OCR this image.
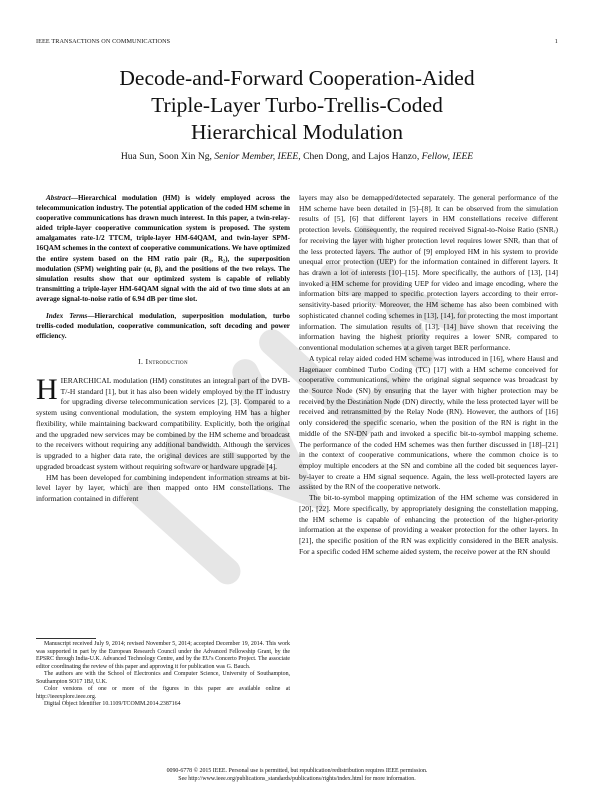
IEEE TRANSACTIONS ON COMMUNICATIONS	1
Decode-and-Forward Cooperation-Aided
Triple-Layer Turbo-Trellis-Coded
Hierarchical Modulation
Hua Sun, Soon Xin Ng, Senior Member, IEEE, Chen Dong, and Lajos Hanzo, Fellow, IEEE

Abstract—Hierarchical modulation (HM) is widely employed across the telecommunication industry. The potential application of the coded HM scheme in cooperative communications has drawn much interest. In this paper, a twin-relay-aided triple-layer cooperative communication system is proposed. The system amalgamates rate-1/2 TTCM, triple-layer HM-64QAM, and twin-layer SPM-16QAM schemes in the context of cooperative communications. We have optimized the entire system based on the HM ratio pair (R₁, R₂), the superposition modulation (SPM) weighting pair (α, β), and the positions of the two relays. The simulation results show that our optimized system is capable of reliably transmitting a triple-layer HM-64QAM signal with the aid of two time slots at an average signal-to-noise ratio of 6.94 dB per time slot.

Index Terms—Hierarchical modulation, superposition modulation, turbo trellis-coded modulation, cooperative communication, soft decoding and power efficiency.

I. Introduction

HIERARCHICAL modulation (HM) constitutes an integral part of the DVB-T/-H standard [1], but it has also been widely employed by the IT industry for upgrading diverse telecommunication services [2], [3]. Compared to a system using conventional modulation, the system employing HM has a higher flexibility, while maintaining backward compatibility. Explicitly, both the original and the upgraded new services may be combined by the HM scheme and broadcast to the receivers without requiring any additional bandwidth. Although the services is upgraded to a higher data rate, the original devices are still supported by the upgraded broadcast system without requiring software or hardware upgrade [4].

HM has been developed for combining independent information streams at bit-level layer by layer, which are then mapped onto HM constellations. The information contained in different

layers may also be demapped/detected separately. The general performance of the HM scheme have been detailed in [5]–[8]. It can be observed from the simulation results of [5], [6] that different layers in HM constellations receive different protection levels. Consequently, the required received Signal-to-Noise Ratio (SNRᵣ) for receiving the layer with higher protection level requires lower SNRᵣ than that of the less protected layers. The author of [9] employed HM in his system to provide unequal error protection (UEP) for the information contained in different layers. It has drawn a lot of interests [10]–[15]. More specifically, the authors of [13], [14] invoked a HM scheme for providing UEP for video and image encoding, where the information bits are mapped to specific protection layers according to their error-sensitivity-based priority. Moreover, the HM scheme has also been combined with sophisticated channel coding schemes in [13], [14], for protecting the most important information. The simulation results of [13], [14] have shown that receiving the information having the highest priority requires a lower SNRᵣ compared to conventional modulation schemes at a given target BER performance.

A typical relay aided coded HM scheme was introduced in [16], where Hausl and Hagenauer combined Turbo Coding (TC) [17] with a HM scheme conceived for cooperative communications, where the original signal sequence was broadcast by the Source Node (SN) by ensuring that the layer with higher protection may be received by the Destination Node (DN) directly, while the less protected layer will be received and retransmitted by the Relay Node (RN). However, the authors of [16] only considered the specific scenario, when the position of the RN is right in the middle of the SN-DN path and invoked a specific bit-to-symbol mapping scheme. The performance of the coded HM schemes was then further discussed in [18]–[21] in the context of cooperative communications, where the common choice is to employ multiple encoders at the SN and combine all the coded bit sequences layer-by-layer to create a HM signal sequence. Again, the less well-protected layers are assisted by the RN of the cooperative network.

The bit-to-symbol mapping optimization of the HM scheme was considered in [20], [22]. More specifically, by appropriately designing the constellation mapping, the HM scheme is capable of enhancing the protection of the higher-priority information at the expense of providing a weaker protection for the other layers. In [21], the specific position of the RN was explicitly considered in the BER analysis. For a specific coded HM scheme aided system, the receive power at the RN should

Manuscript received July 9, 2014; revised November 5, 2014; accepted December 19, 2014. This work was supported in part by the European Research Council under the Advanced Fellowship Grant, by the EPSRC through India-U.K. Advanced Technology Centre, and by the EU's Concerto Project. The associate editor coordinating the review of this paper and approving it for publication was G. Bauch.

The authors are with the School of Electronics and Computer Science, University of Southampton, Southampton SO17 1BJ, U.K.

Color versions of one or more of the figures in this paper are available online at http://ieeexplore.ieee.org.

Digital Object Identifier 10.1109/TCOMM.2014.2387164

0090-6778 © 2015 IEEE. Personal use is permitted, but republication/redistribution requires IEEE permission.
See http://www.ieee.org/publications_standards/publications/rights/index.html for more information.
